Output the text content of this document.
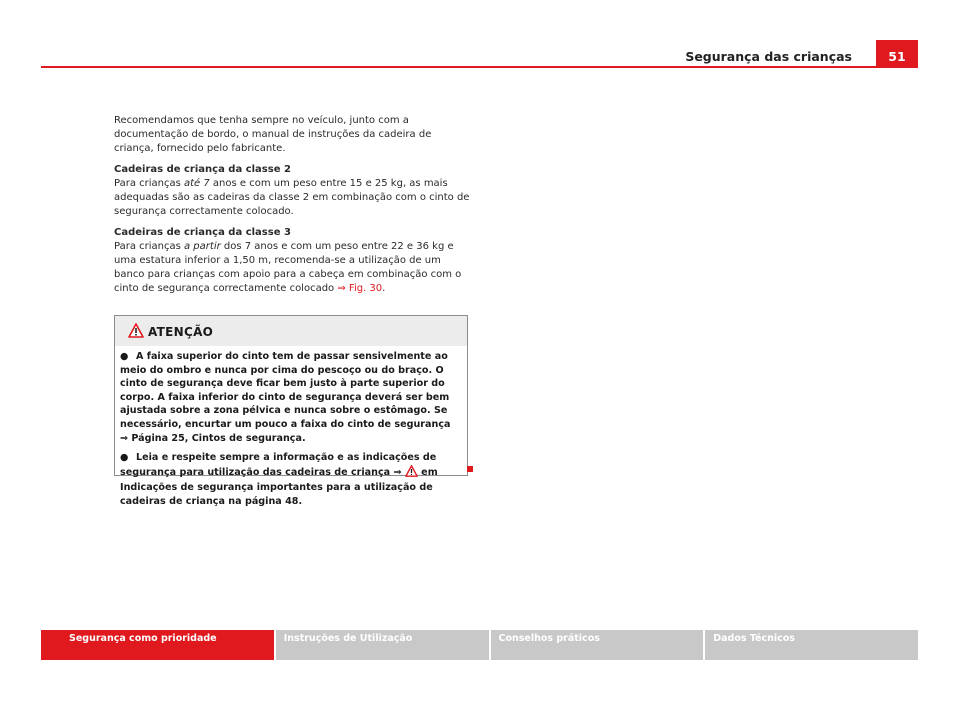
Segurança das crianças	51

Recomendamos que tenha sempre no veículo, junto com a documentação de bordo, o manual de instruções da cadeira de criança, fornecido pelo fabricante.

Cadeiras de criança da classe 2

Para crianças até 7 anos e com um peso entre 15 e 25 kg, as mais adequadas são as cadeiras da classe 2 em combinação com o cinto de segurança correctamente colocado.

Cadeiras de criança da classe 3

Para crianças a partir dos 7 anos e com um peso entre 22 e 36 kg e uma estatura inferior a 1,50 m, recomenda-se a utilização de um banco para crianças com apoio para a cabeça em combinação com o cinto de segurança correctamente colocado ⇒ Fig. 30.

ATENÇÃO

● A faixa superior do cinto tem de passar sensivelmente ao meio do ombro e nunca por cima do pescoço ou do braço. O cinto de segurança deve ficar bem justo à parte superior do corpo. A faixa inferior do cinto de segurança deverá ser bem ajustada sobre a zona pélvica e nunca sobre o estômago. Se necessário, encurtar um pouco a faixa do cinto de segurança ⇒ Página 25, Cintos de segurança.

● Leia e respeite sempre a informação e as indicações de segurança para utilização das cadeiras de criança ⇒  em Indicações de segurança importantes para a utilização de cadeiras de criança na página 48.

Segurança como prioridade	Instruções de Utilização	Conselhos práticos	Dados Técnicos
